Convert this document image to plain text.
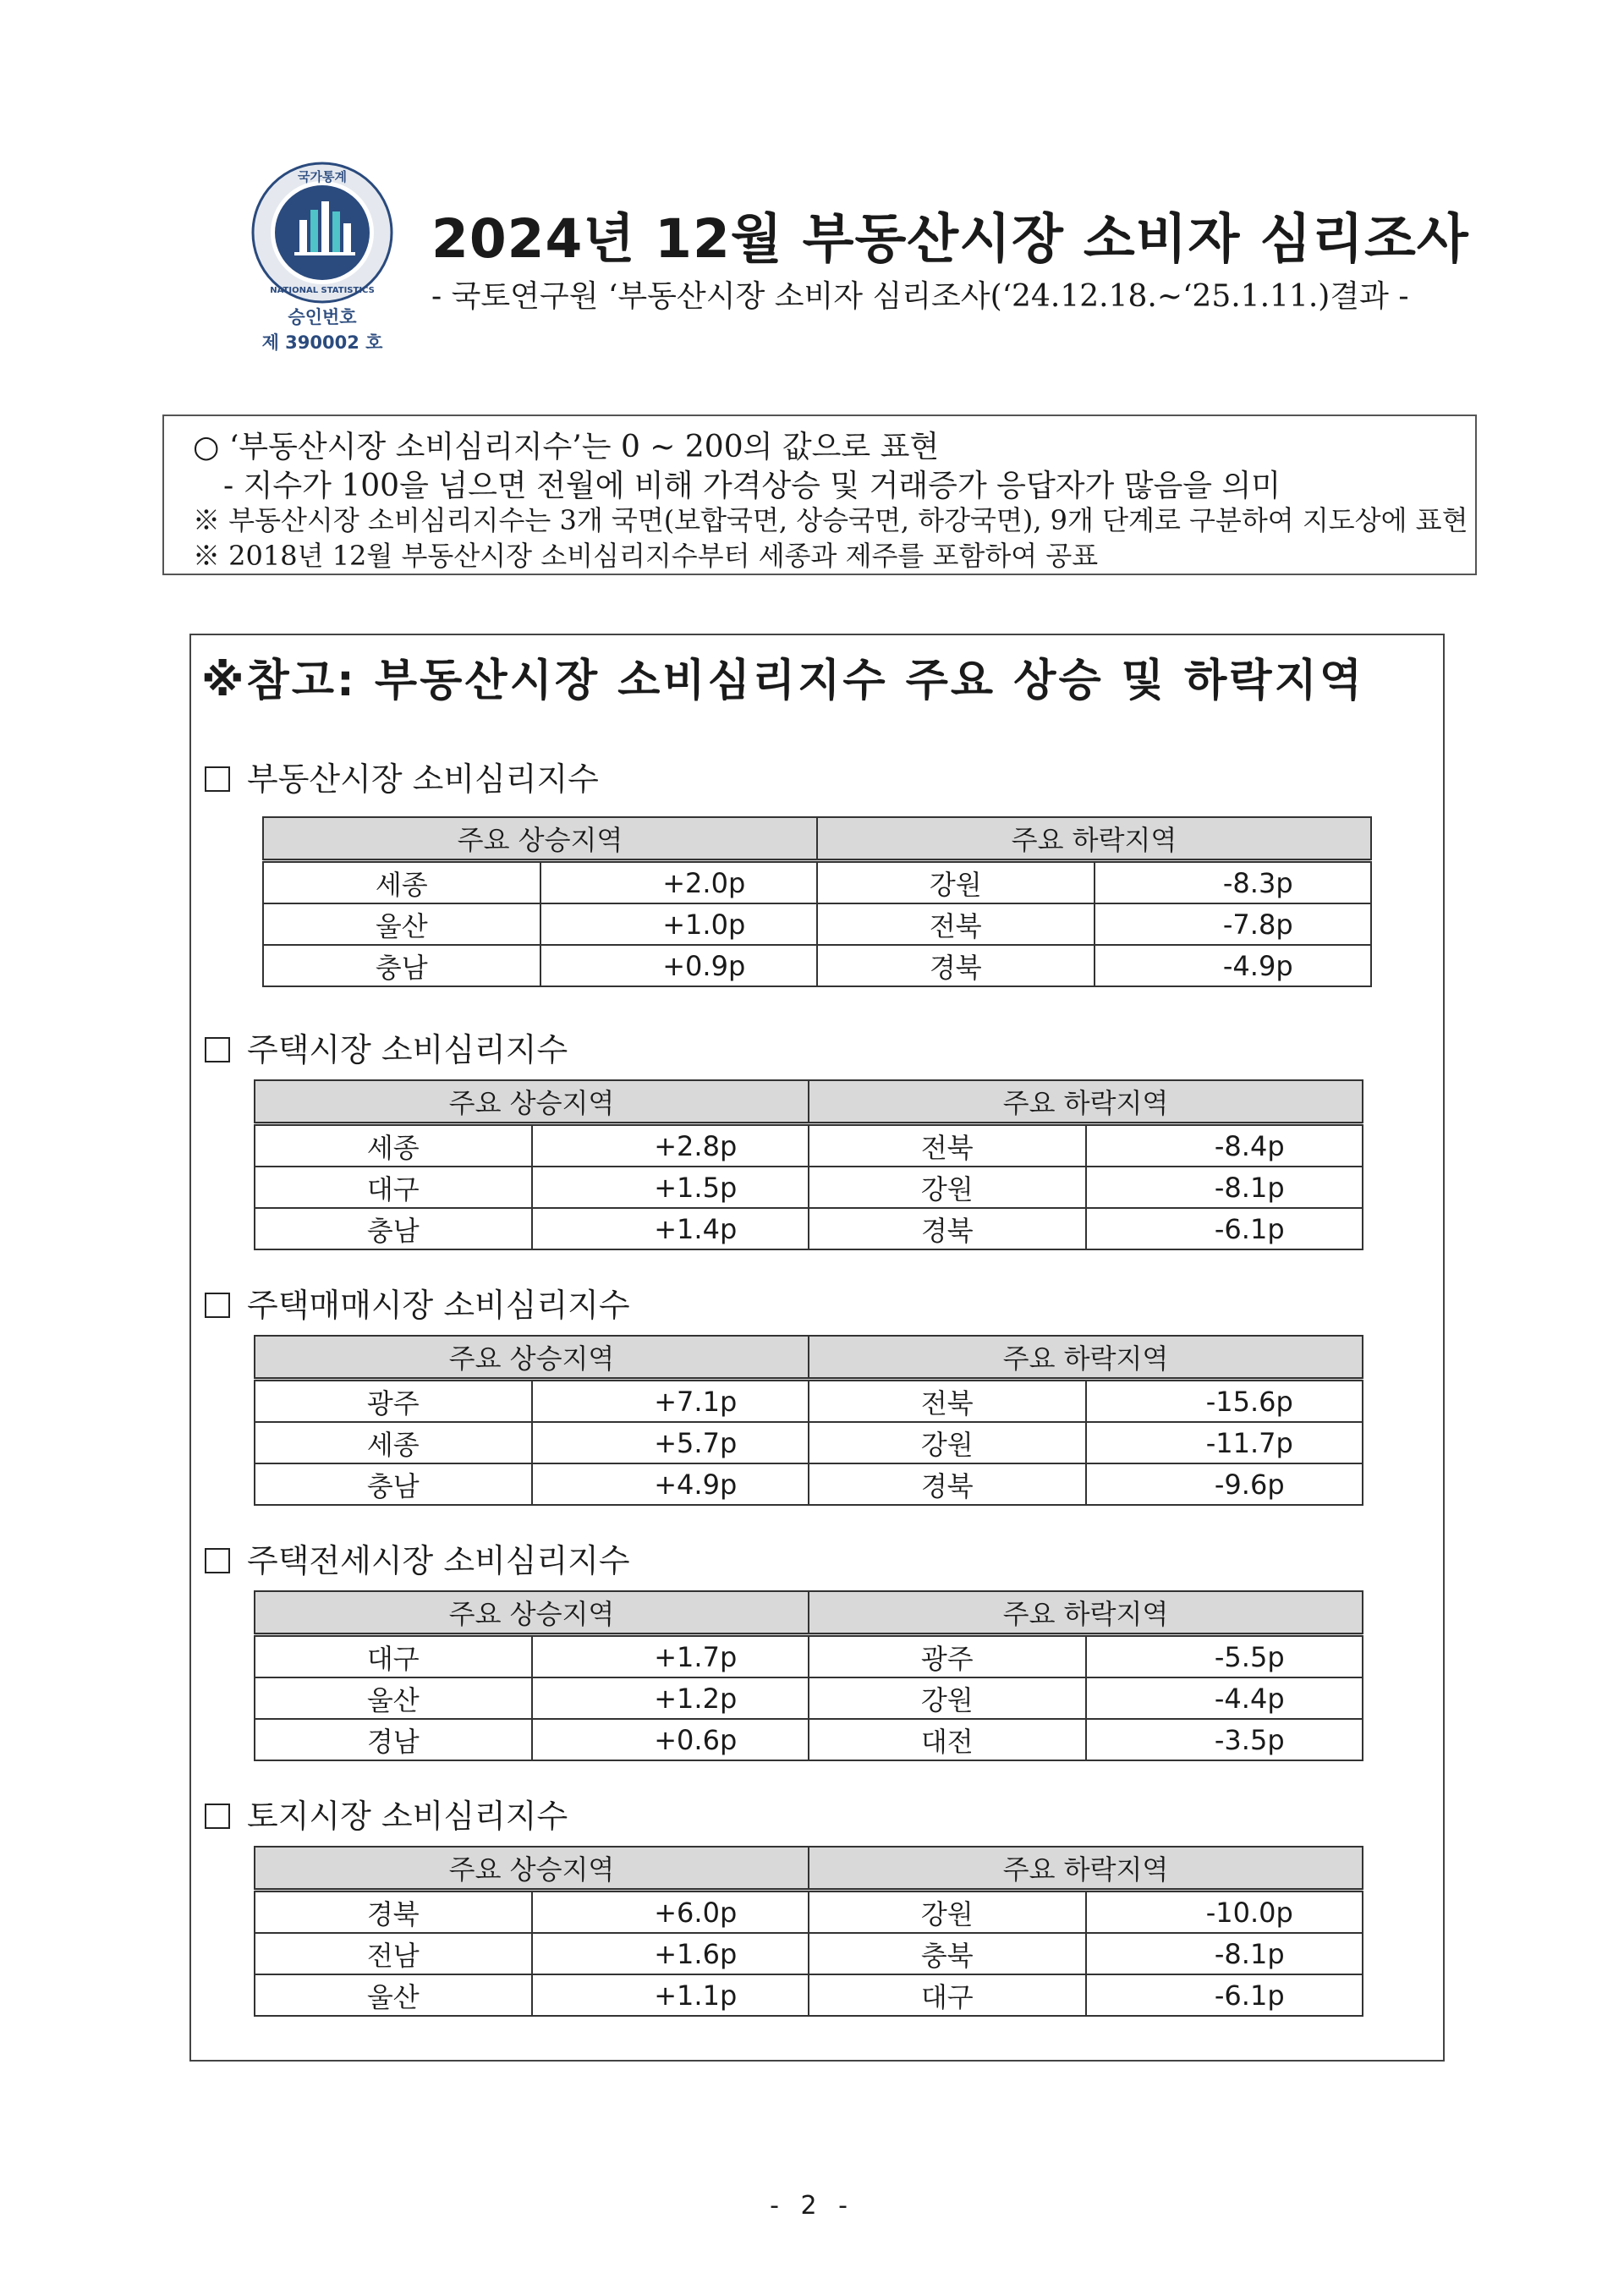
국가통계
NATIONAL STATISTICS
승인번호
제 390002 호
2024년 12월 부동산시장 소비자 심리조사
- 국토연구원 ‘부동산시장 소비자 심리조사(‘24.12.18.~‘25.1.11.)결과 -
○ ‘부동산시장 소비심리지수’는 0 ~ 200의 값으로 표현
- 지수가 100을 넘으면 전월에 비해 가격상승 및 거래증가 응답자가 많음을 의미
※ 부동산시장 소비심리지수는 3개 국면(보합국면, 상승국면, 하강국면), 9개 단계로 구분하여 지도상에 표현
※ 2018년 12월 부동산시장 소비심리지수부터 세종과 제주를 포함하여 공표
※참고: 부동산시장 소비심리지수 주요 상승 및 하락지역
부동산시장 소비심리지수
주요 상승지역		주요 하락지역	
세종	+2.0p	강원	-8.3p
울산	+1.0p	전북	-7.8p
충남	+0.9p	경북	-4.9p
주택시장 소비심리지수
주요 상승지역		주요 하락지역	
세종	+2.8p	전북	-8.4p
대구	+1.5p	강원	-8.1p
충남	+1.4p	경북	-6.1p
주택매매시장 소비심리지수
주요 상승지역		주요 하락지역	
광주	+7.1p	전북	-15.6p
세종	+5.7p	강원	-11.7p
충남	+4.9p	경북	-9.6p
주택전세시장 소비심리지수
주요 상승지역		주요 하락지역	
대구	+1.7p	광주	-5.5p
울산	+1.2p	강원	-4.4p
경남	+0.6p	대전	-3.5p
토지시장 소비심리지수
주요 상승지역		주요 하락지역	
경북	+6.0p	강원	-10.0p
전남	+1.6p	충북	-8.1p
울산	+1.1p	대구	-6.1p
- 2 -
